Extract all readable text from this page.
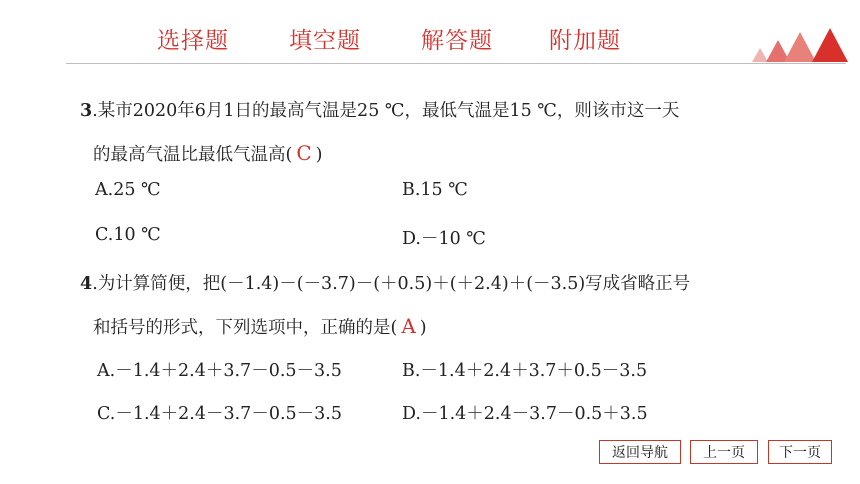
选择题	填空题	解答题 附加题
3.某市2020年6月1日的最高气温是25 ℃，最低气温是15 ℃，则该市这一天
的最高气温比最低气温高( C )
A.25 ℃	B.15 ℃
C.10 ℃	D.－10 ℃
4.为计算简便，把(－1.4)－(－3.7)－(＋0.5)＋(＋2.4)＋(－3.5)写成省略正号
和括号的形式，下列选项中，正确的是( A )
A.－1.4＋2.4＋3.7－0.5－3.5	B.－1.4＋2.4＋3.7＋0.5－3.5
C.－1.4＋2.4－3.7－0.5－3.5	D.－1.4＋2.4－3.7－0.5＋3.5
返回导航	上一页	下一页
